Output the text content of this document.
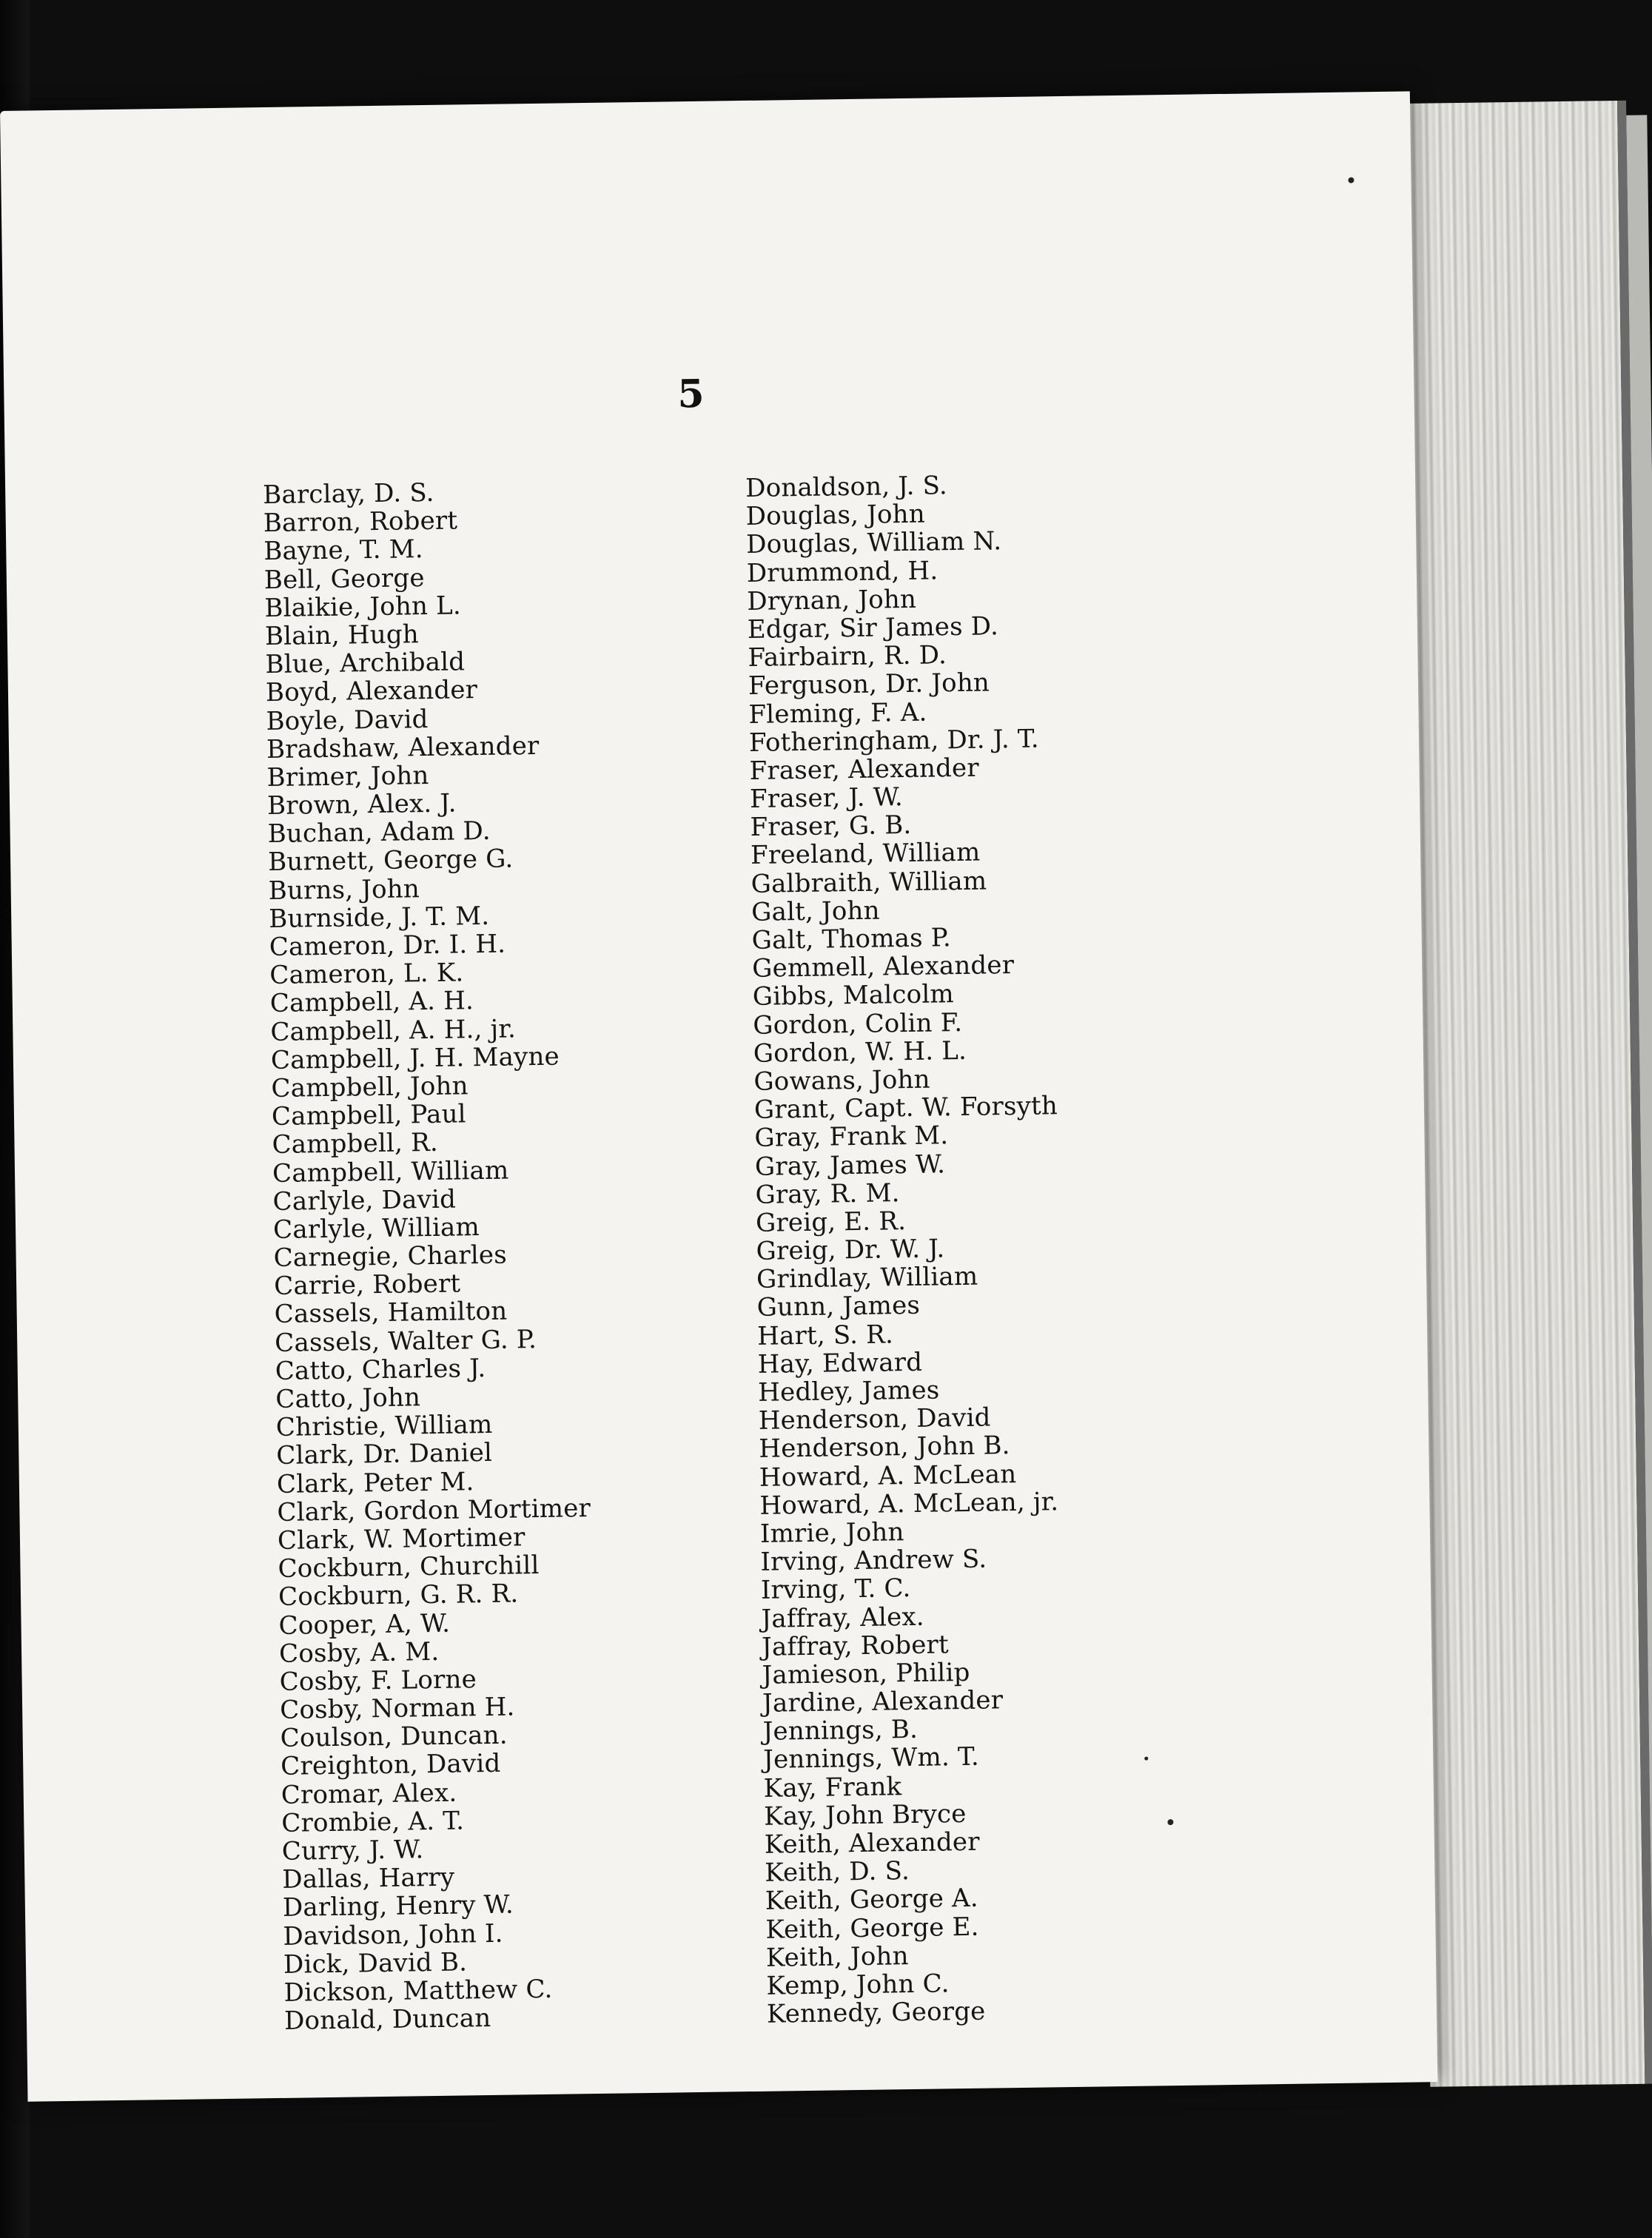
5
Barclay, D. S.
Barron, Robert
Bayne, T. M.
Bell, George
Blaikie, John L.
Blain, Hugh
Blue, Archibald
Boyd, Alexander
Boyle, David
Bradshaw, Alexander
Brimer, John
Brown, Alex. J.
Buchan, Adam D.
Burnett, George G.
Burns, John
Burnside, J. T. M.
Cameron, Dr. I. H.
Cameron, L. K.
Campbell, A. H.
Campbell, A. H., jr.
Campbell, J. H. Mayne
Campbell, John
Campbell, Paul
Campbell, R.
Campbell, William
Carlyle, David
Carlyle, William
Carnegie, Charles
Carrie, Robert
Cassels, Hamilton
Cassels, Walter G. P.
Catto, Charles J.
Catto, John
Christie, William
Clark, Dr. Daniel
Clark, Peter M.
Clark, Gordon Mortimer
Clark, W. Mortimer
Cockburn, Churchill
Cockburn, G. R. R.
Cooper, A, W.
Cosby, A. M.
Cosby, F. Lorne
Cosby, Norman H.
Coulson, Duncan.
Creighton, David
Cromar, Alex.
Crombie, A. T.
Curry, J. W.
Dallas, Harry
Darling, Henry W.
Davidson, John I.
Dick, David B.
Dickson, Matthew C.
Donald, Duncan
Donaldson, J. S.
Douglas, John
Douglas, William N.
Drummond, H.
Drynan, John
Edgar, Sir James D.
Fairbairn, R. D.
Ferguson, Dr. John
Fleming, F. A.
Fotheringham, Dr. J. T.
Fraser, Alexander
Fraser, J. W.
Fraser, G. B.
Freeland, William
Galbraith, William
Galt, John
Galt, Thomas P.
Gemmell, Alexander
Gibbs, Malcolm
Gordon, Colin F.
Gordon, W. H. L.
Gowans, John
Grant, Capt. W. Forsyth
Gray, Frank M.
Gray, James W.
Gray, R. M.
Greig, E. R.
Greig, Dr. W. J.
Grindlay, William
Gunn, James
Hart, S. R.
Hay, Edward
Hedley, James
Henderson, David
Henderson, John B.
Howard, A. McLean
Howard, A. McLean, jr.
Imrie, John
Irving, Andrew S.
Irving, T. C.
Jaffray, Alex.
Jaffray, Robert
Jamieson, Philip
Jardine, Alexander
Jennings, B.
Jennings, Wm. T.
Kay, Frank
Kay, John Bryce
Keith, Alexander
Keith, D. S.
Keith, George A.
Keith, George E.
Keith, John
Kemp, John C.
Kennedy, George
